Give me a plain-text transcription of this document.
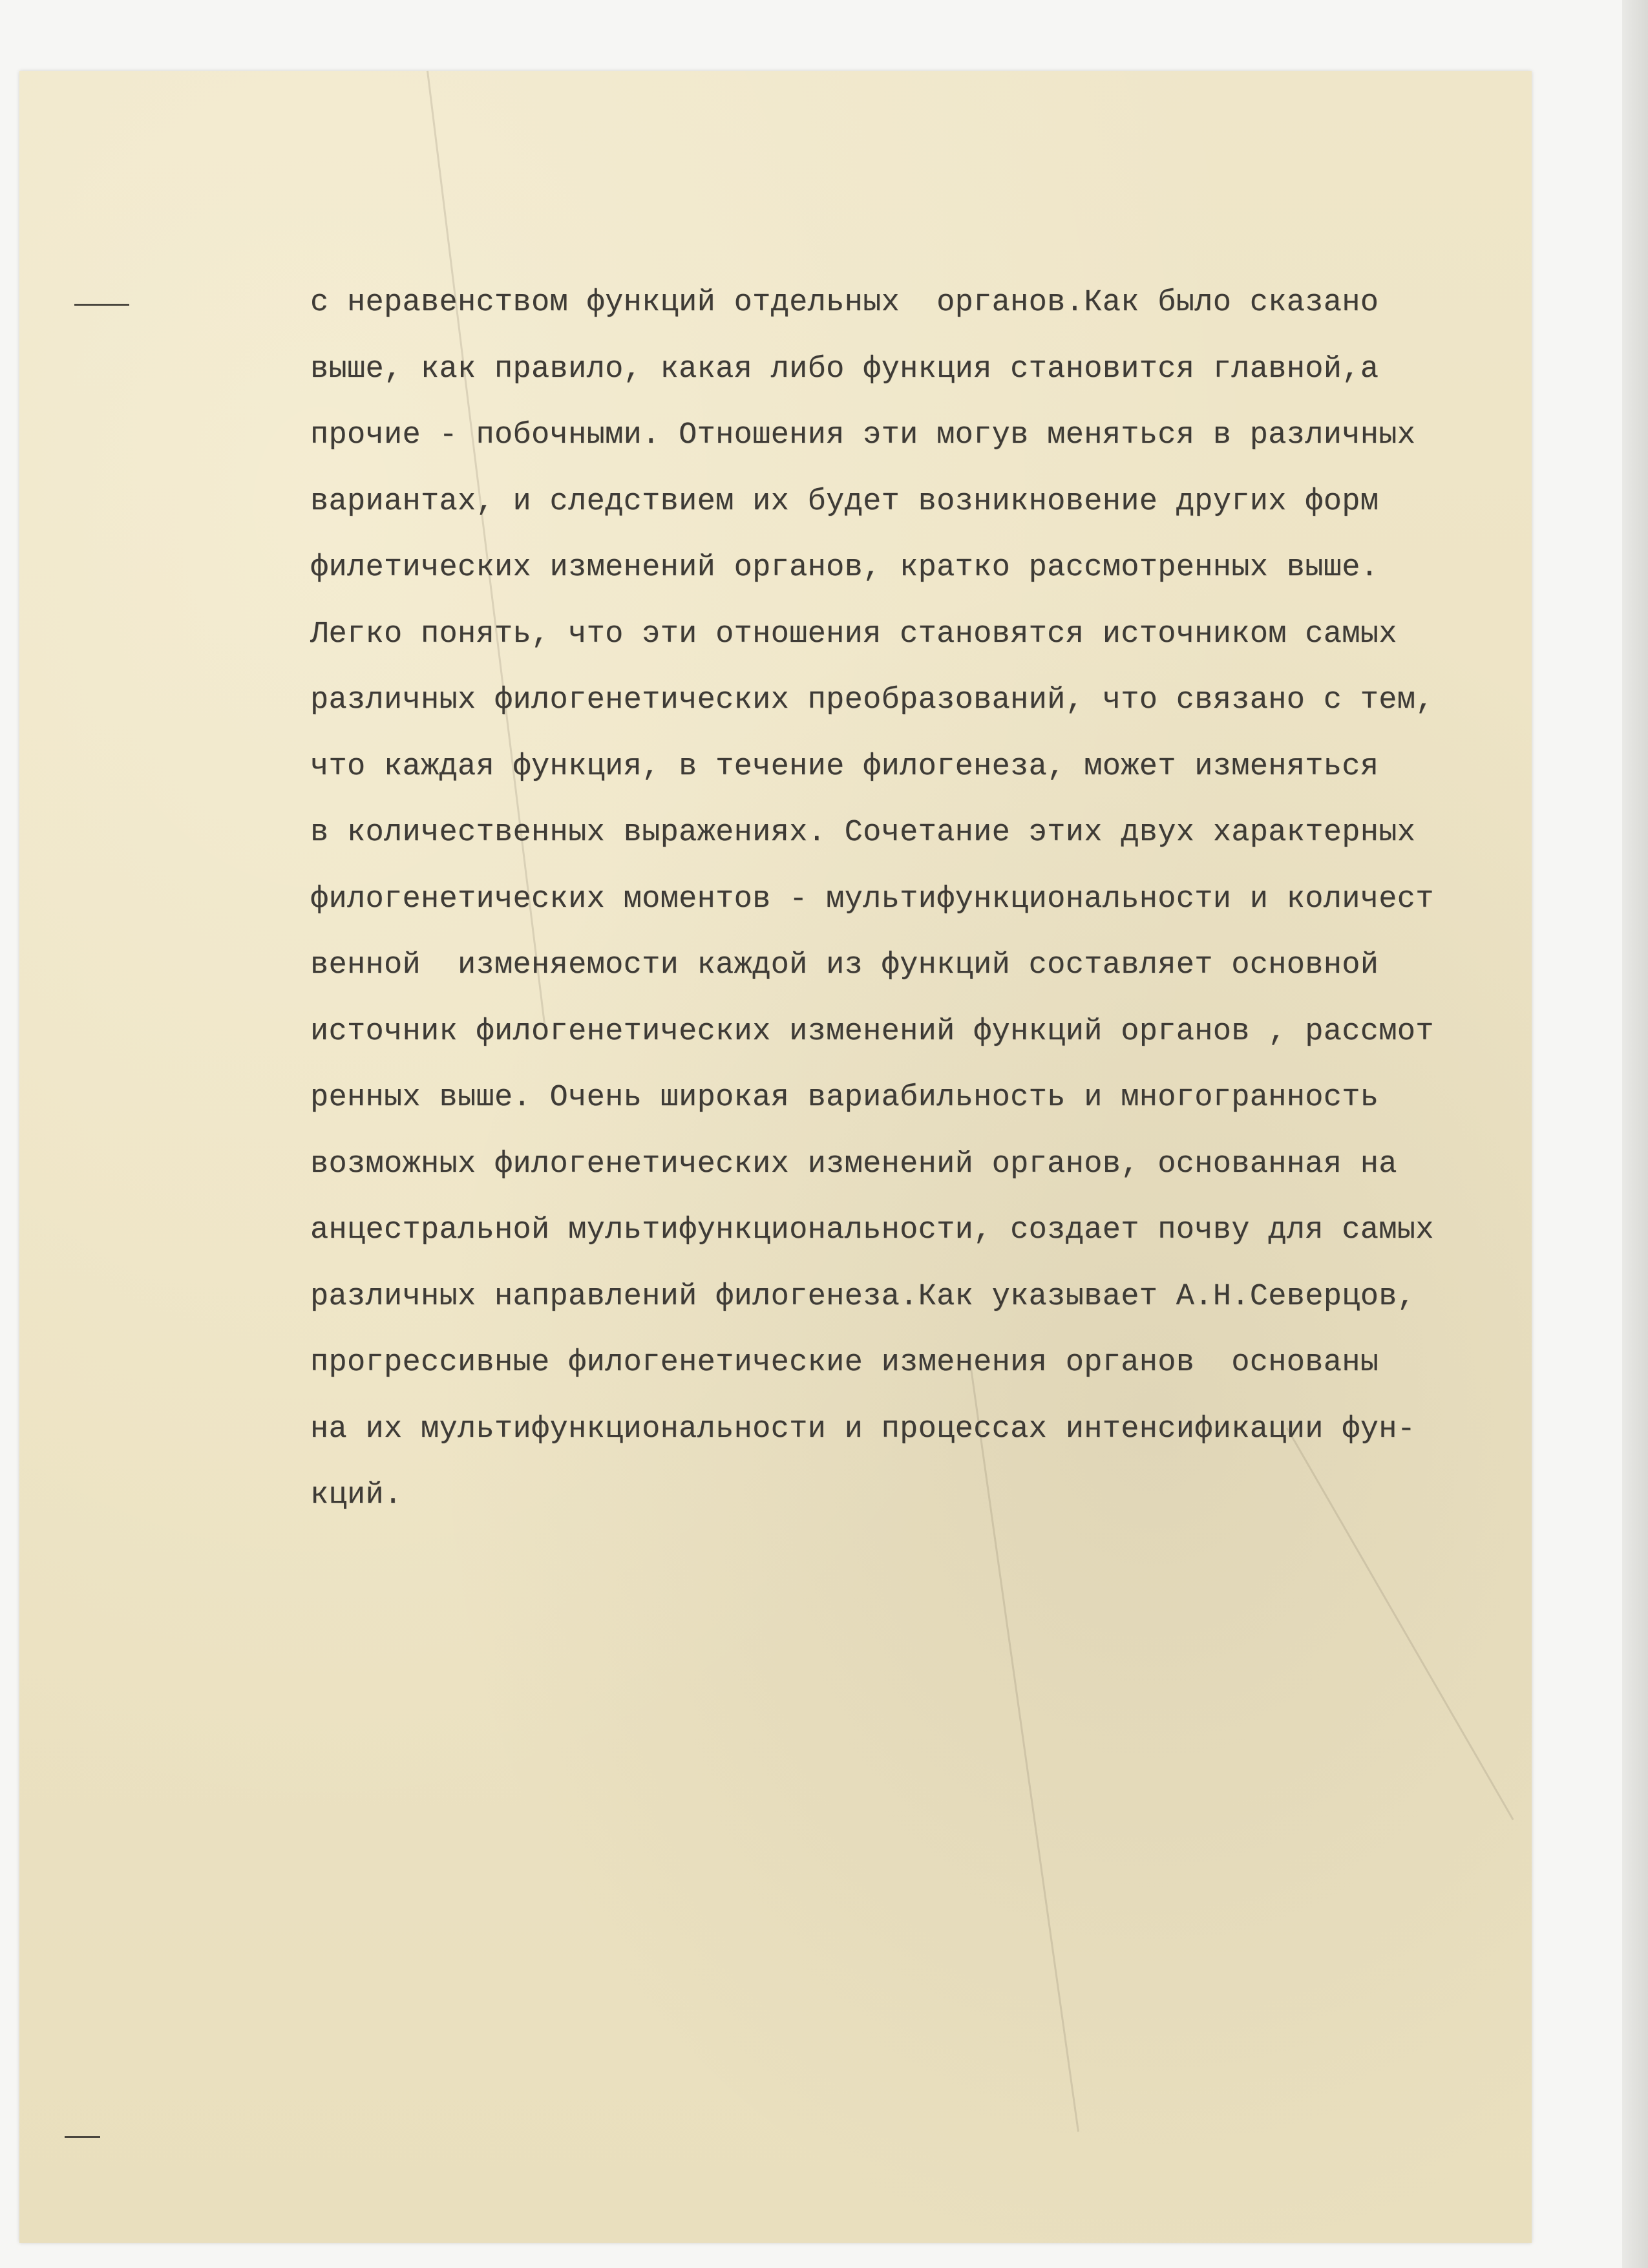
с неравенством функций отдельных  органов.Как было сказано
выше, как правило, какая либо функция становится главной,а
прочие - побочными. Отношения эти могув меняться в различных
вариантах, и следствием их будет возникновение других форм
филетических изменений органов, кратко рассмотренных выше.
Легко понять, что эти отношения становятся источником самых
различных филогенетических преобразований, что связано с тем,
что каждая функция, в течение филогенеза, может изменяться
в количественных выражениях. Сочетание этих двух характерных
филогенетических моментов - мультифункциональности и количест
венной  изменяемости каждой из функций составляет основной
источник филогенетических изменений функций органов , рассмот
ренных выше. Очень широкая вариабильность и многогранность
возможных филогенетических изменений органов, основанная на
анцестральной мультифункциональности, создает почву для самых
различных направлений филогенеза.Как указывает А.Н.Северцов,
прогрессивные филогенетические изменения органов  основаны
на их мультифункциональности и процессах интенсификации фун-
кций.
